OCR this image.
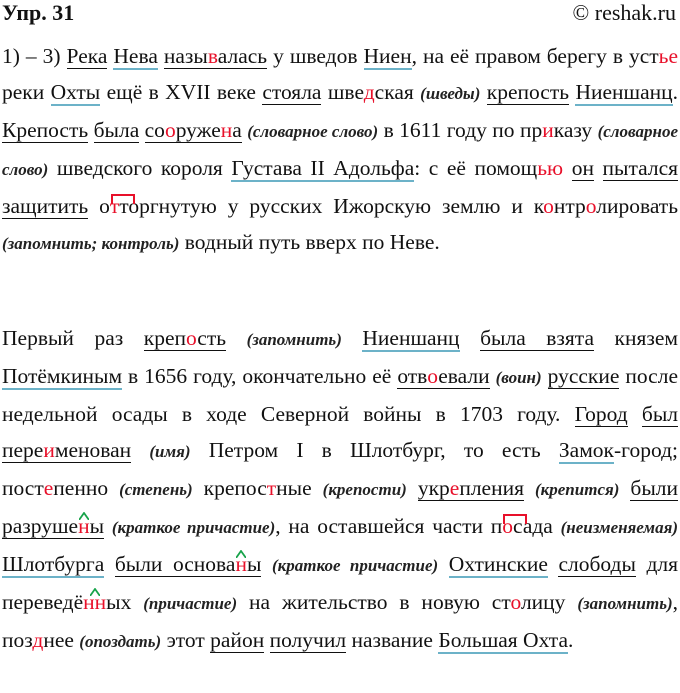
Упр. 31	© reshak.ru
1) – 3) Река Нева называлась у шведов Ниен, на её правом берегу в устье реки Охты ещё в XVII веке стояла шведская (шведы) крепость Ниеншанц. Крепость была сооружена (словарное слово) в 1611 году по приказу (словарное слово) шведского короля Густава II Адольфа: с её помощью он пытался защитить о
тторгнутую у русских Ижорскую землю и контролировать (запомнить; контроль) водный путь вверх по Неве.
Первый раз крепость (запомнить) Ниеншанц была взята князем Потёмкиным в 1656 году, окончательно её отвоевали (воин) русские после недельной осады в ходе Северной войны в 1703 году. Город был переименован (имя) Петром I в Шлотбург, то есть Замок-город; постепенно (степень) крепостные (крепости) укрепления (крепится) были разруше
ны (краткое причастие), на оставшейся части п
осада (неизменяемая) Шлотбурга были основа
ны (краткое причастие) Охтинские слободы для переведё
нных (причастие) на жительство в новую столицу (запомнить), позднее (опоздать) этот район получил название Большая Охта.
